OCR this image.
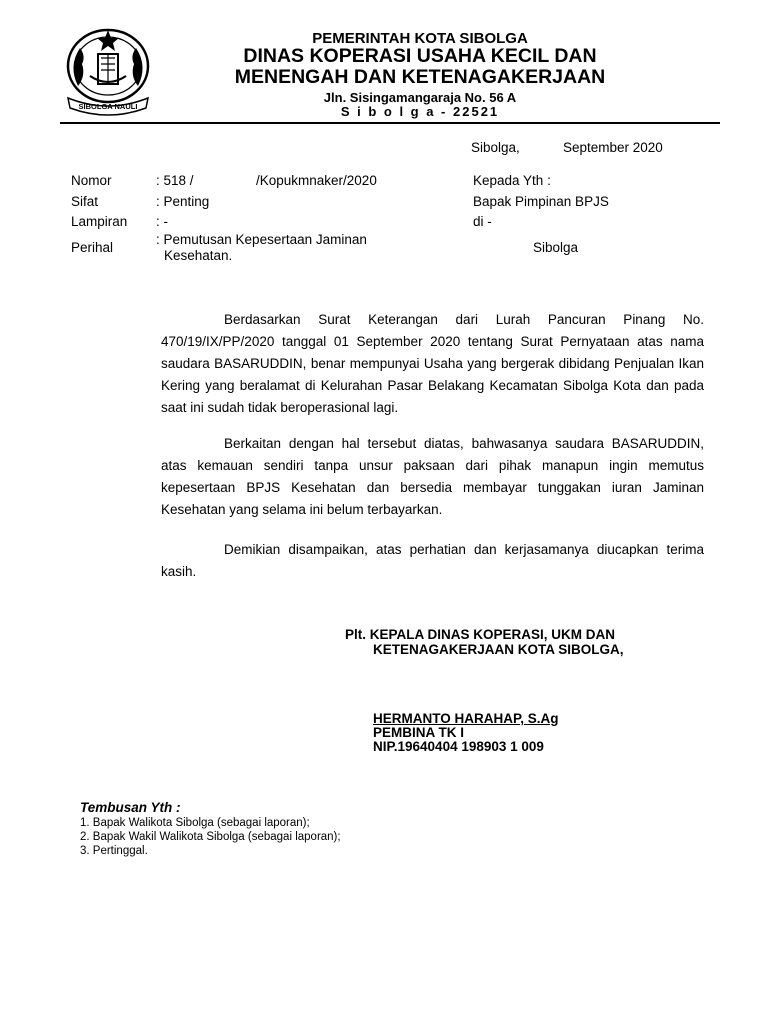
SIBOLGA NAULI
PEMERINTAH KOTA SIBOLGA
DINAS KOPERASI USAHA KECIL DAN
MENENGAH DAN KETENAGAKERJAAN
Jln. Sisingamangaraja No. 56 A
S i b o l g a - 22521
Sibolga,	September 2020
Nomor	: 518 /	/Kopukmnaker/2020
Sifat	: Penting
Lampiran : -
Perihal
: Pemutusan Kepesertaan Jaminan
Kesehatan.
Kepada Yth :
Bapak Pimpinan BPJS
di -
Sibolga
Berdasarkan Surat Keterangan dari Lurah Pancuran Pinang No. 470/19/IX/PP/2020 tanggal 01 September 2020 tentang Surat Pernyataan atas nama saudara BASARUDDIN, benar mempunyai Usaha yang bergerak dibidang Penjualan Ikan Kering yang beralamat di Kelurahan Pasar Belakang Kecamatan Sibolga Kota dan pada saat ini sudah tidak beroperasional lagi.
Berkaitan dengan hal tersebut diatas, bahwasanya saudara BASARUDDIN, atas kemauan sendiri tanpa unsur paksaan dari pihak manapun ingin memutus kepesertaan BPJS Kesehatan dan bersedia membayar tunggakan iuran Jaminan Kesehatan yang selama ini belum terbayarkan.
Demikian disampaikan, atas perhatian dan kerjasamanya diucapkan terima kasih.
Plt. KEPALA DINAS KOPERASI, UKM DAN
KETENAGAKERJAAN KOTA SIBOLGA,
HERMANTO HARAHAP, S.Ag
PEMBINA TK I
NIP.19640404 198903 1 009
Tembusan Yth :
1. Bapak Walikota Sibolga (sebagai laporan);
2. Bapak Wakil Walikota Sibolga (sebagai laporan);
3. Pertinggal.
